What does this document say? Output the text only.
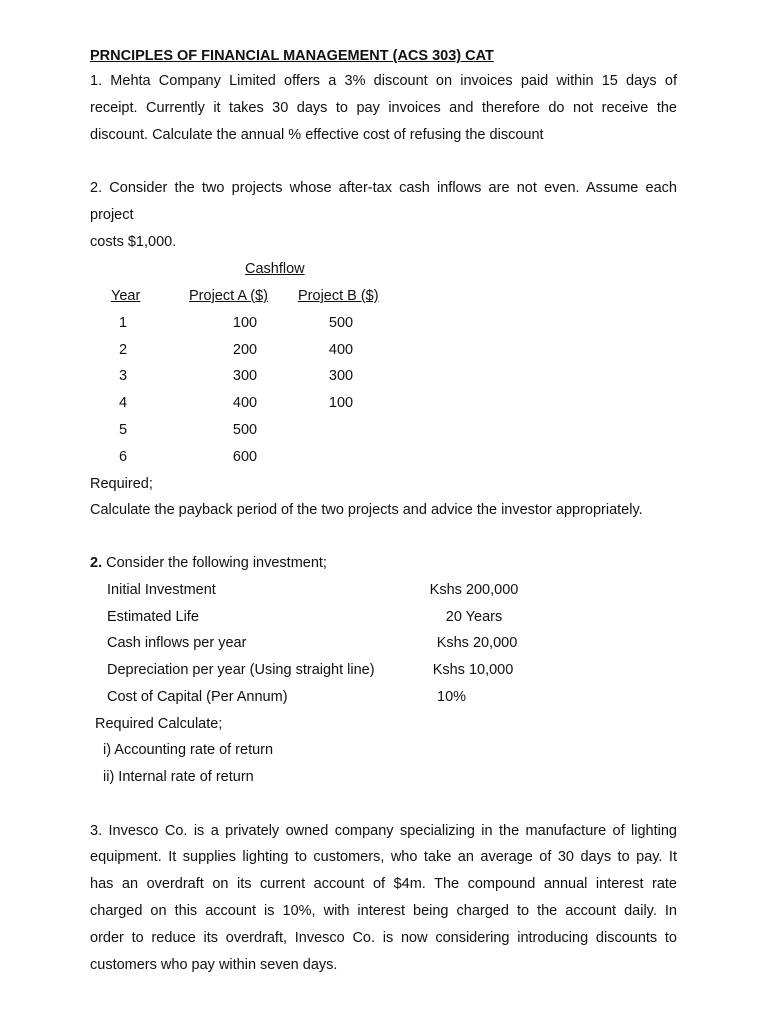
PRNCIPLES OF FINANCIAL MANAGEMENT (ACS 303) CAT
1. Mehta Company Limited offers a 3% discount on invoices paid within 15 days of
receipt. Currently it takes 30 days to pay invoices and therefore do not receive the
discount. Calculate the annual % effective cost of refusing the discount
2. Consider the two projects whose after-tax cash inflows are not even. Assume each
project
costs $1,000.
Cashflow
Year	Project A ($) Project B ($)
1	100	500
2	200	400
3	300	300
4	400	100
5	500
6	600
Required;
Calculate the payback period of the two projects and advice the investor appropriately.
2. Consider the following investment;
Initial Investment	Kshs 200,000
Estimated Life	20 Years
Cash inflows per year	Kshs 20,000
Depreciation per year (Using straight line)	Kshs 10,000
Cost of Capital (Per Annum)	10%
Required Calculate;
i) Accounting rate of return
ii) Internal rate of return
3. Invesco Co. is a privately owned company specializing in the manufacture of lighting
equipment. It supplies lighting to customers, who take an average of 30 days to pay. It
has an overdraft on its current account of $4m. The compound annual interest rate
charged on this account is 10%, with interest being charged to the account daily. In
order to reduce its overdraft, Invesco Co. is now considering introducing discounts to
customers who pay within seven days.
